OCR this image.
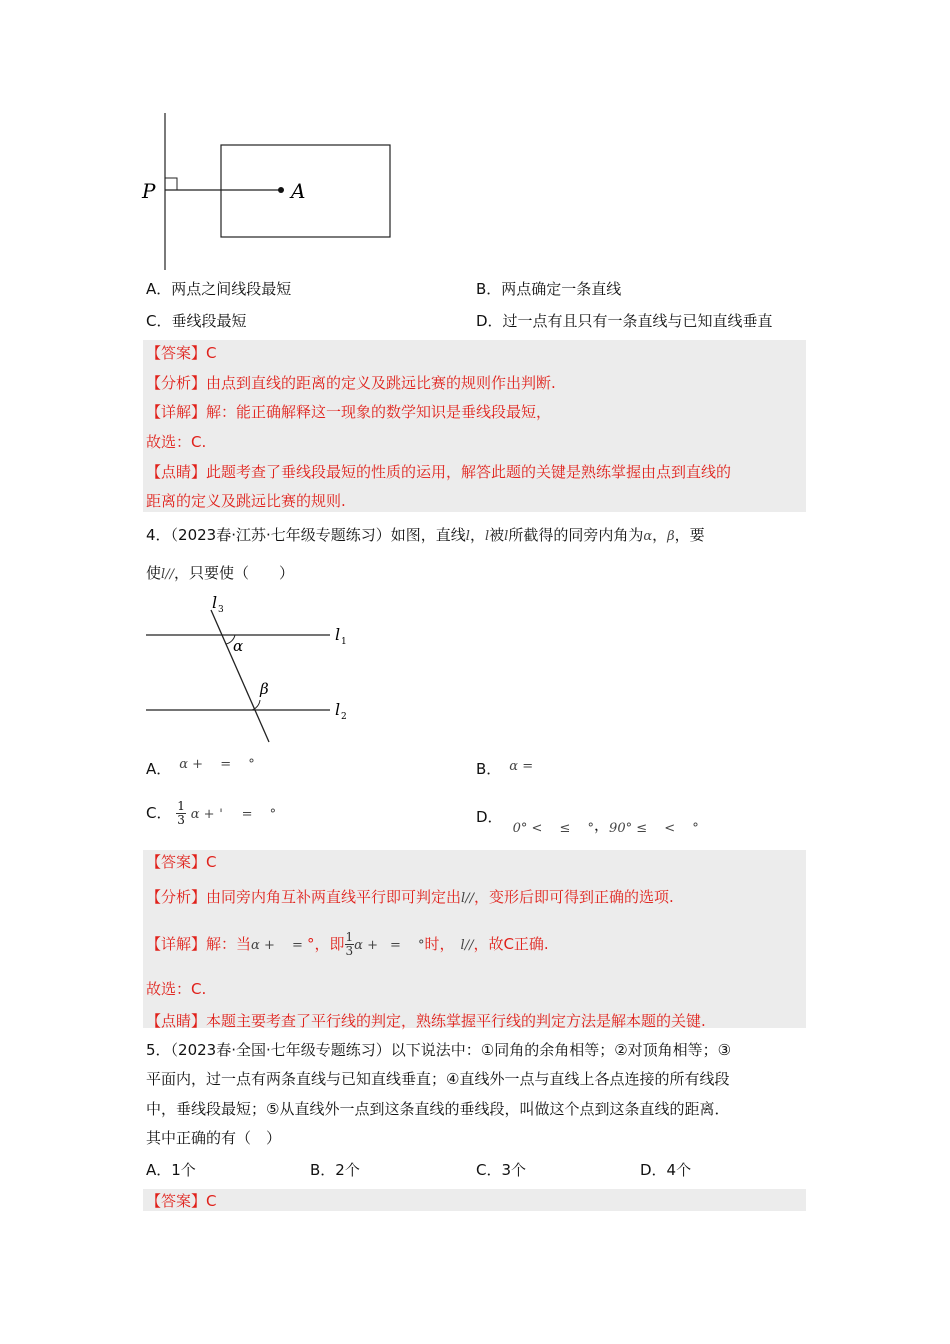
P	A
A．两点之间线段最短	B．两点确定一条直线
C．垂线段最短	D．过一点有且只有一条直线与已知直线垂直
【答案】C
【分析】由点到直线的距离的定义及跳远比赛的规则作出判断.
【详解】解：能正确解释这一现象的数学知识是垂线段最短，
故选：C.
【点睛】此题考查了垂线段最短的性质的运用，解答此题的关键是熟练掌握由点到直线的
距离的定义及跳远比赛的规则.
4．（2023春·江苏·七年级专题练习）如图，直线l，l被l所截得的同旁内角为α，β，要
使l//，只要使（　　）
l 3
l 1
l 2
α
β
A． α +　 =　 °	B． α =
C． $\frac{1}{3}$ α + ' =　 °	D．0° <　 ≤　 °，90° ≤　 <　 °
【答案】C
【分析】由同旁内角互补两直线平行即可判定出l//，变形后即可得到正确的选项.
【详解】解：当α +　 = °，即 $\frac{1}{3}$ α + =　 °时， l//，故C正确.
故选：C.
【点睛】本题主要考查了平行线的判定，熟练掌握平行线的判定方法是解本题的关键.
5．（2023春·全国·七年级专题练习）以下说法中：①同角的余角相等；②对顶角相等；③
平面内，过一点有两条直线与已知直线垂直；④直线外一点与直线上各点连接的所有线段
中，垂线段最短；⑤从直线外一点到这条直线的垂线段，叫做这个点到这条直线的距离．
其中正确的有（　）
A．1个	B．2个	C．3个	D．4个
【答案】C
